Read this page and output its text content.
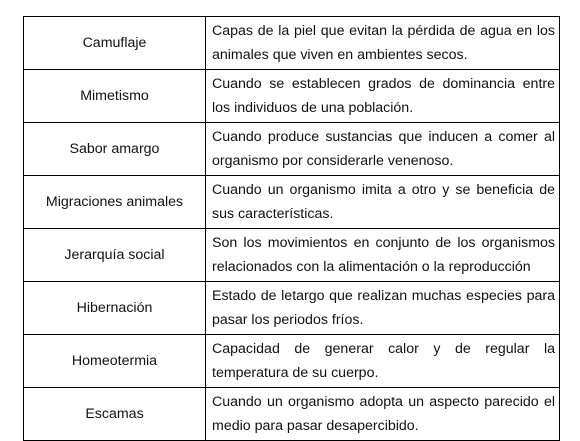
Camuflaje	Capas de la piel que evitan la pérdida de agua en los animales que viven en ambientes secos.
Mimetismo	Cuando se establecen grados de dominancia entre los individuos de una población.
Sabor amargo	Cuando produce sustancias que inducen a comer al organismo por considerarle venenoso.
Migraciones animales	Cuando un organismo imita a otro y se beneficia de sus características.
Jerarquía social	Son los movimientos en conjunto de los organismos relacionados con la alimentación o la reproducción
Hibernación	Estado de letargo que realizan muchas especies para pasar los periodos fríos.
Homeotermia	Capacidad de generar calor y de regular la temperatura de su cuerpo.
Escamas	Cuando un organismo adopta un aspecto parecido el medio para pasar desapercibido.
